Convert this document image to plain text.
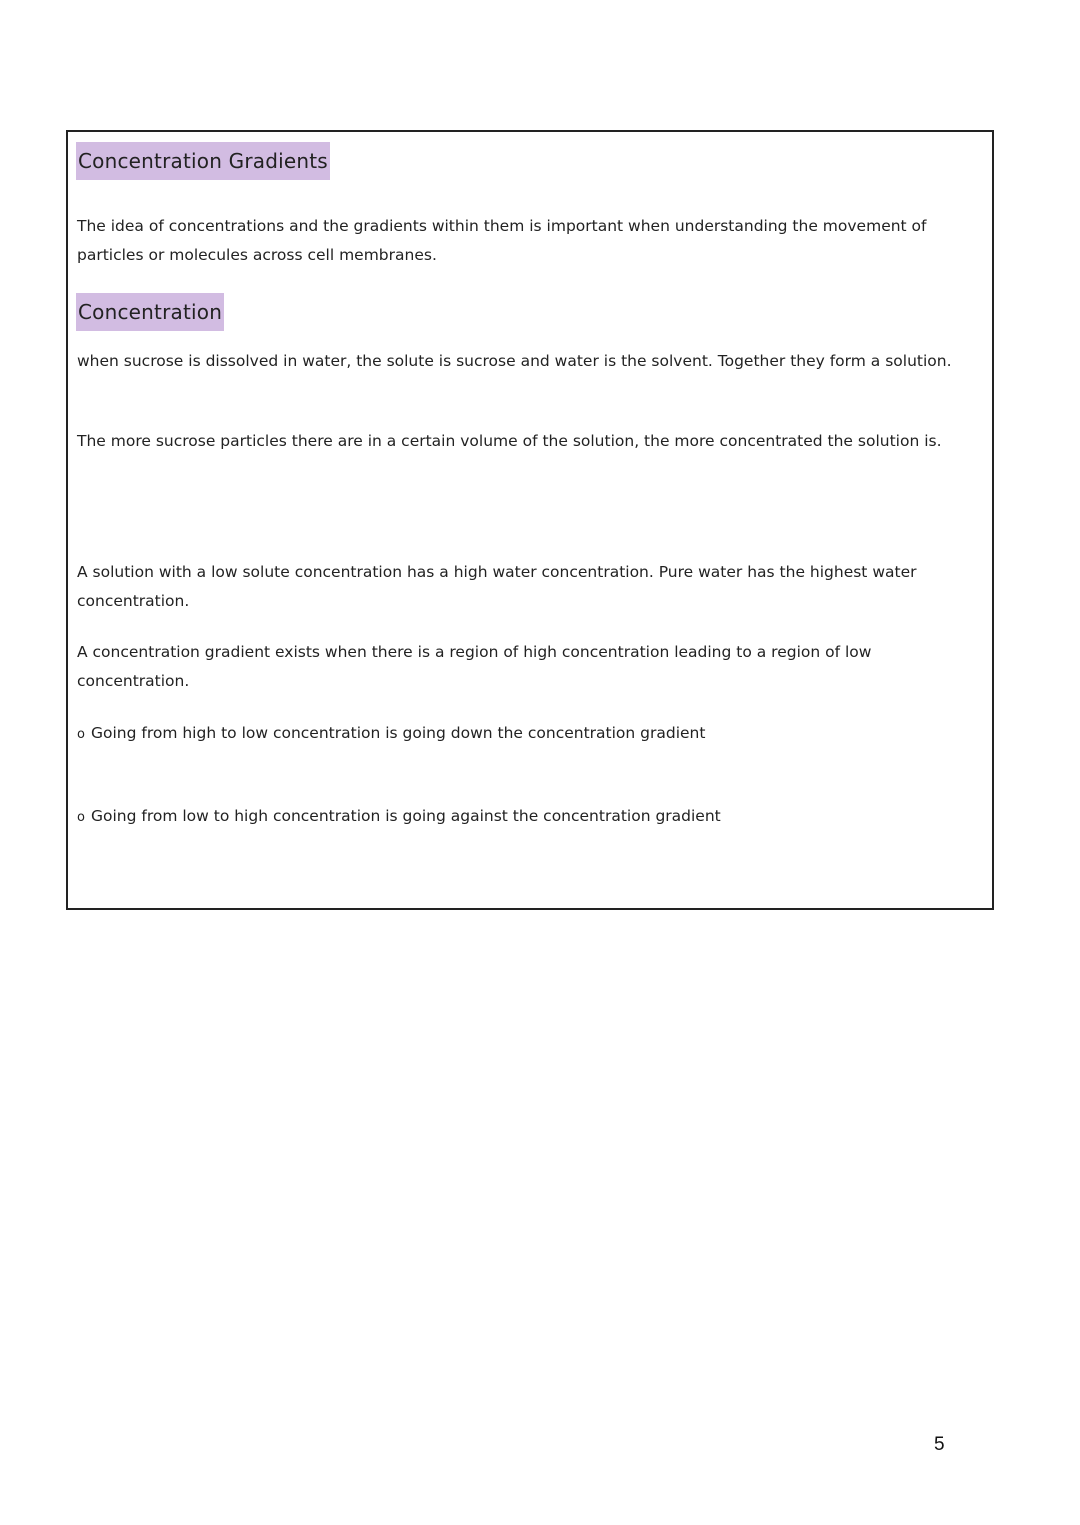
Concentration Gradients
The idea of concentrations and the gradients within them is important when understanding the movement of particles or molecules across cell membranes.
Concentration
when sucrose is dissolved in water, the solute is sucrose and water is the solvent. Together they form a solution.
The more sucrose particles there are in a certain volume of the solution, the more concentrated the solution is.
A solution with a low solute concentration has a high water concentration. Pure water has the highest water concentration.
A concentration gradient exists when there is a region of high concentration leading to a region of low concentration.
o Going from high to low concentration is going down the concentration gradient
o Going from low to high concentration is going against the concentration gradient
5
